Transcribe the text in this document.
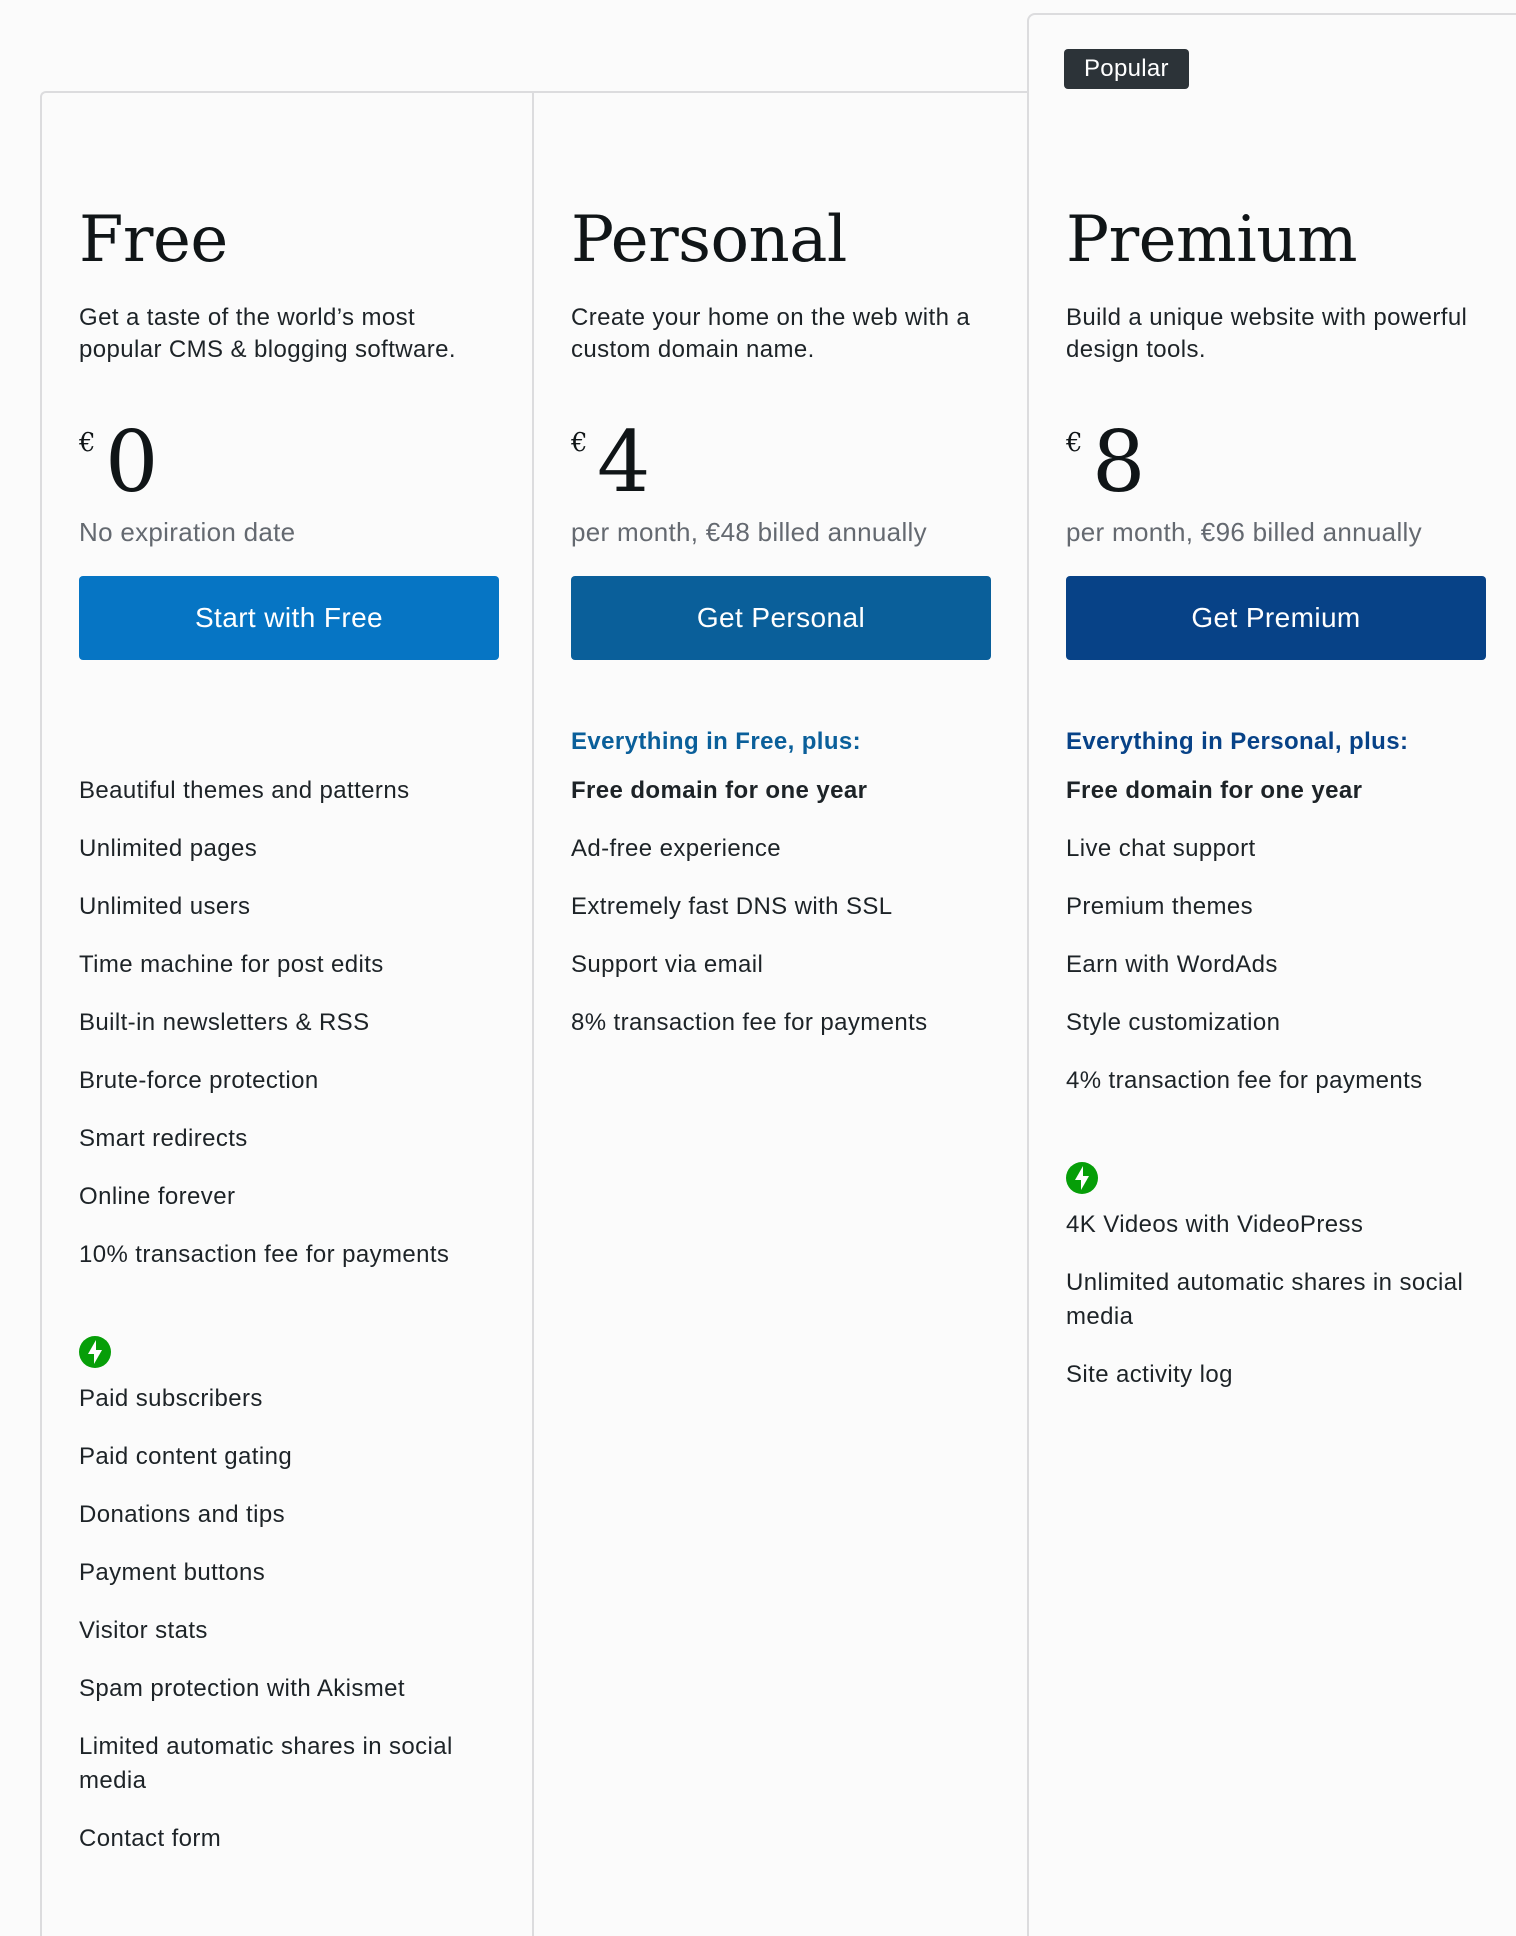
Free
Get a taste of the world’s most popular CMS & blogging software.
€ 0
No expiration date
Start with Free
Beautiful themes and patterns
Unlimited pages
Unlimited users
Time machine for post edits
Built-in newsletters & RSS
Brute-force protection
Smart redirects
Online forever
10% transaction fee for payments
Paid subscribers
Paid content gating
Donations and tips
Payment buttons
Visitor stats
Spam protection with Akismet
Limited automatic shares in social media
Contact form
Personal
Create your home on the web with a custom domain name.
€ 4
per month, €48 billed annually
Get Personal
Everything in Free, plus:
Free domain for one year
Ad-free experience
Extremely fast DNS with SSL
Support via email
8% transaction fee for payments
Popular
Premium
Build a unique website with powerful design tools.
€ 8
per month, €96 billed annually
Get Premium
Everything in Personal, plus:
Free domain for one year
Live chat support
Premium themes
Earn with WordAds
Style customization
4% transaction fee for payments
4K Videos with VideoPress
Unlimited automatic shares in social media
Site activity log
